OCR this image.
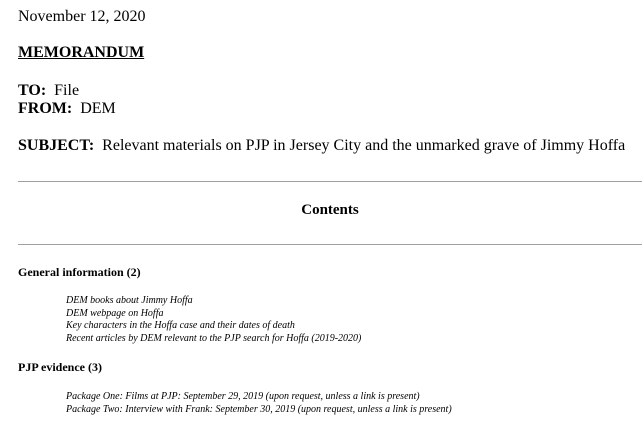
November 12, 2020
MEMORANDUM
TO: File
FROM: DEM
SUBJECT: Relevant materials on PJP in Jersey City and the unmarked grave of Jimmy Hoffa
Contents
General information (2)
DEM books about Jimmy Hoffa
DEM webpage on Hoffa
Key characters in the Hoffa case and their dates of death
Recent articles by DEM relevant to the PJP search for Hoffa (2019-2020)
PJP evidence (3)
Package One: Films at PJP: September 29, 2019 (upon request, unless a link is present)
Package Two: Interview with Frank: September 30, 2019 (upon request, unless a link is present)
